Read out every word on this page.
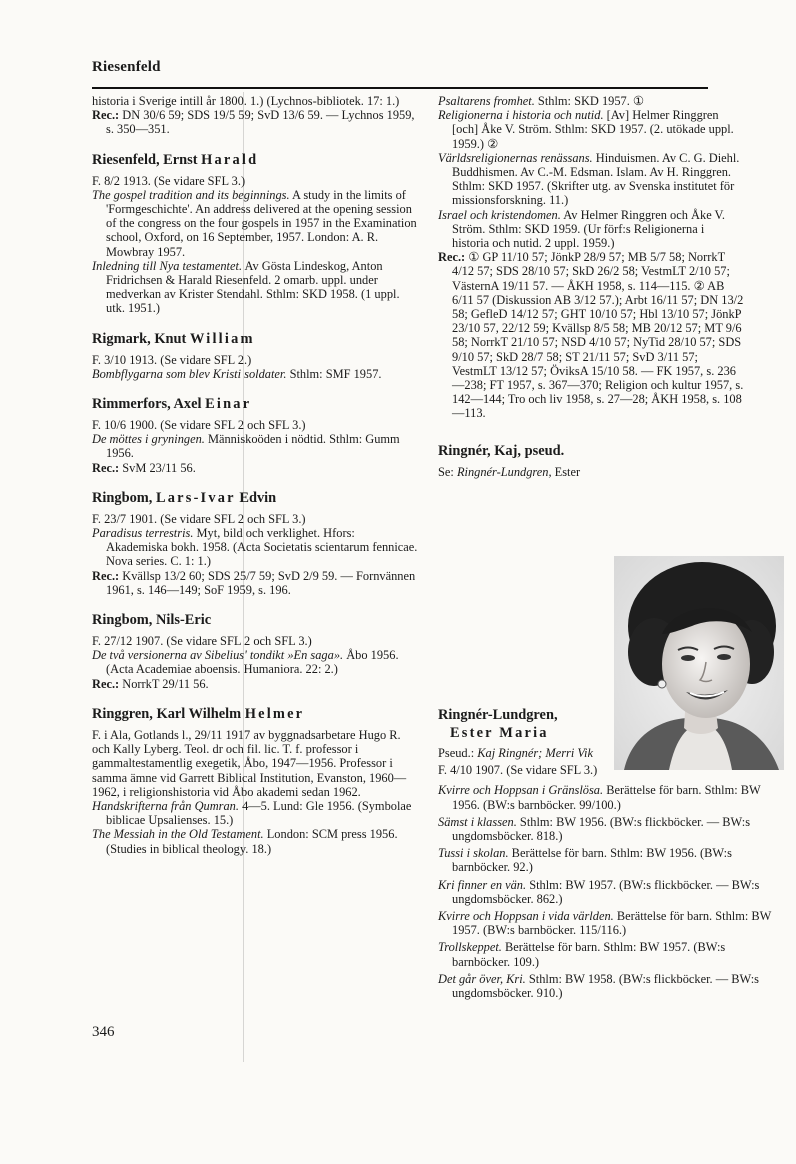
Riesenfeld

historia i Sverige intill år 1800. 1.) (Lychnos-bibliotek. 17: 1.)

Rec.: DN 30/6 59; SDS 19/5 59; SvD 13/6 59. — Lychnos 1959, s. 350—351.

Riesenfeld, Ernst Harald

F. 8/2 1913. (Se vidare SFL 3.)

The gospel tradition and its beginnings. A study in the limits of 'Formgeschichte'. An address delivered at the opening session of the congress on the four gospels in 1957 in the Examination school, Oxford, on 16 September, 1957. London: A. R. Mowbray 1957.

Inledning till Nya testamentet. Av Gösta Lindeskog, Anton Fridrichsen & Harald Riesenfeld. 2 omarb. uppl. under medverkan av Krister Stendahl. Sthlm: SKD 1958. (1 uppl. utk. 1951.)

Rigmark, Knut William

F. 3/10 1913. (Se vidare SFL 2.)

Bombflygarna som blev Kristi soldater. Sthlm: SMF 1957.

Rimmerfors, Axel Einar

F. 10/6 1900. (Se vidare SFL 2 och SFL 3.)

De möttes i gryningen. Människoöden i nödtid. Sthlm: Gumm 1956.

Rec.: SvM 23/11 56.

Ringbom, Lars-Ivar Edvin

F. 23/7 1901. (Se vidare SFL 2 och SFL 3.)

Paradisus terrestris. Myt, bild och verklighet. Hfors: Akademiska bokh. 1958. (Acta Societatis scientarum fennicae. Nova series. C. 1: 1.)

Rec.: Kvällsp 13/2 60; SDS 25/7 59; SvD 2/9 59. — Fornvännen 1961, s. 146—149; SoF 1959, s. 196.

Ringbom, Nils-Eric

F. 27/12 1907. (Se vidare SFL 2 och SFL 3.)

De två versionerna av Sibelius' tondikt »En saga». Åbo 1956. (Acta Academiae aboensis. Humaniora. 22: 2.)

Rec.: NorrkT 29/11 56.

Ringgren, Karl Wilhelm Helmer

F. i Ala, Gotlands l., 29/11 1917 av byggnadsarbetare Hugo R. och Kally Lyberg. Teol. dr och fil. lic. T. f. professor i gammaltestamentlig exegetik, Åbo, 1947—1956. Professor i samma ämne vid Garrett Biblical Institution, Evanston, 1960—1962, i religionshistoria vid Åbo akademi sedan 1962.

Handskrifterna från Qumran. 4—5. Lund: Gle 1956. (Symbolae biblicae Upsalienses. 15.)

The Messiah in the Old Testament. London: SCM press 1956. (Studies in biblical theology. 18.)

346

Psaltarens fromhet. Sthlm: SKD 1957. ①

Religionerna i historia och nutid. [Av] Helmer Ringgren [och] Åke V. Ström. Sthlm: SKD 1957. (2. utökade uppl. 1959.) ②

Världsreligionernas renässans. Hinduismen. Av C. G. Diehl. Buddhismen. Av C.-M. Edsman. Islam. Av H. Ringgren. Sthlm: SKD 1957. (Skrifter utg. av Svenska institutet för missionsforskning. 11.)

Israel och kristendomen. Av Helmer Ringgren och Åke V. Ström. Sthlm: SKD 1959. (Ur förf:s Religionerna i historia och nutid. 2 uppl. 1959.)

Rec.: ① GP 11/10 57; JönkP 28/9 57; MB 5/7 58; NorrkT 4/12 57; SDS 28/10 57; SkD 26/2 58; VestmLT 2/10 57; VästernA 19/11 57. — ÅKH 1958, s. 114—115. ② AB 6/11 57 (Diskussion AB 3/12 57.); Arbt 16/11 57; DN 13/2 58; GefleD 14/12 57; GHT 10/10 57; Hbl 13/10 57; JönkP 23/10 57, 22/12 59; Kvällsp 8/5 58; MB 20/12 57; MT 9/6 58; NorrkT 21/10 57; NSD 4/10 57; NyTid 28/10 57; SDS 9/10 57; SkD 28/7 58; ST 21/11 57; SvD 3/11 57; VestmLT 13/12 57; ÖviksA 15/10 58. — FK 1957, s. 236—238; FT 1957, s. 367—370; Religion och kultur 1957, s. 142—144; Tro och liv 1958, s. 27—28; ÅKH 1958, s. 108—113.

Ringnér, Kaj, pseud.

Se: Ringnér-Lundgren, Ester

Ringnér-Lundgren,
Ester Maria

Pseud.: Kaj Ringnér; Merri Vik

F. 4/10 1907. (Se vidare SFL 3.)

Kvirre och Hoppsan i Gränslösa. Berättelse för barn. Sthlm: BW 1956. (BW:s barnböcker. 99/100.)

Sämst i klassen. Sthlm: BW 1956. (BW:s flickböcker. — BW:s ungdomsböcker. 818.)

Tussi i skolan. Berättelse för barn. Sthlm: BW 1956. (BW:s barnböcker. 92.)

Kri finner en vän. Sthlm: BW 1957. (BW:s flickböcker. — BW:s ungdomsböcker. 862.)

Kvirre och Hoppsan i vida världen. Berättelse för barn. Sthlm: BW 1957. (BW:s barnböcker. 115/116.)

Trollskeppet. Berättelse för barn. Sthlm: BW 1957. (BW:s barnböcker. 109.)

Det går över, Kri. Sthlm: BW 1958. (BW:s flickböcker. — BW:s ungdomsböcker. 910.)
